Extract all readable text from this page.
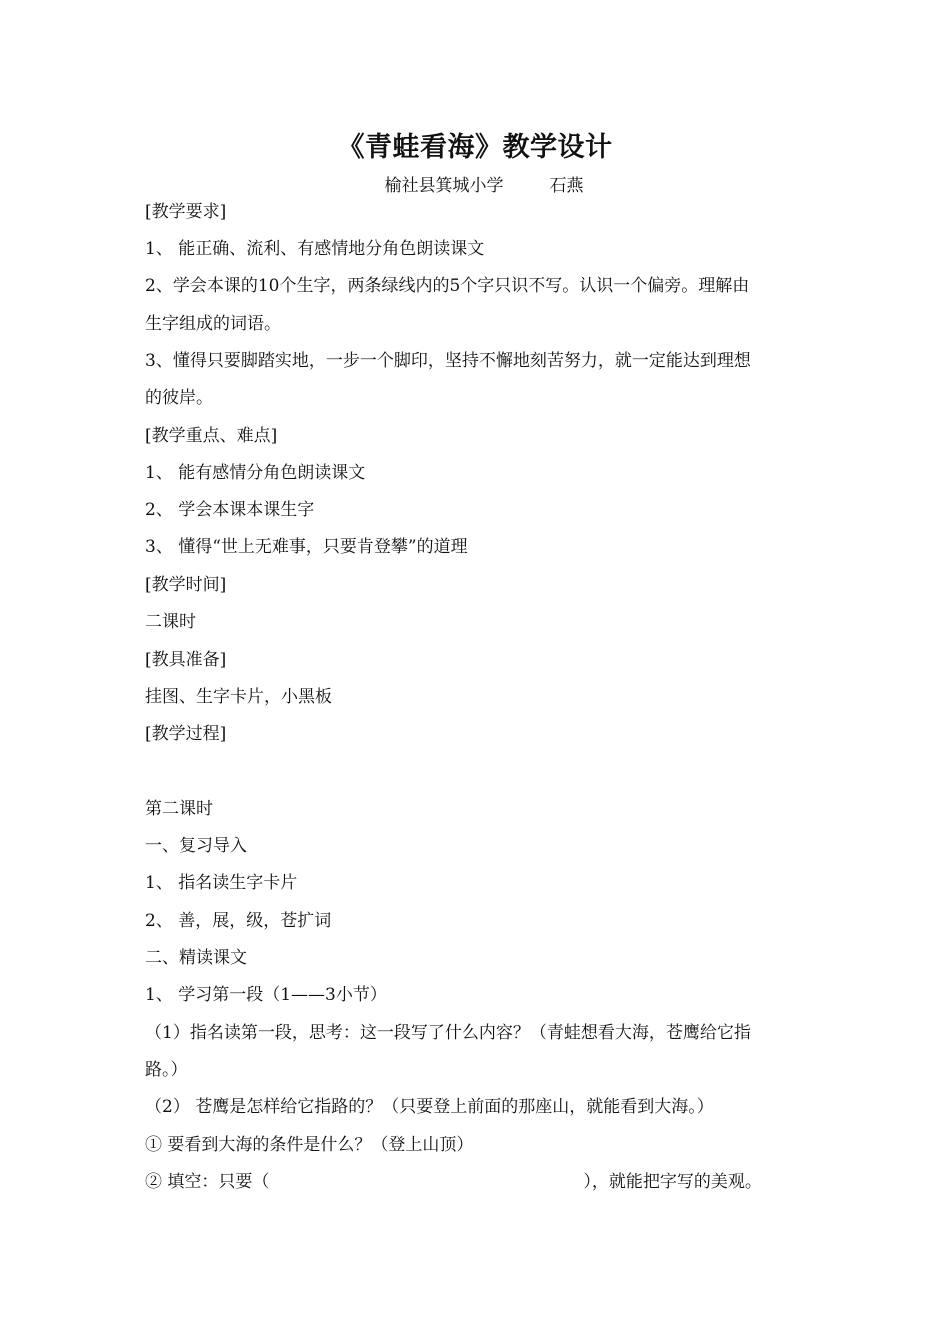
《青蛙看海》教学设计
榆社县箕城小学	石燕
[教学要求]
1、 能正确、流利、有感情地分角色朗读课文
2、学会本课的10个生字，两条绿线内的5个字只识不写。认识一个偏旁。理解由
生字组成的词语。
3、懂得只要脚踏实地，一步一个脚印，坚持不懈地刻苦努力，就一定能达到理想
的彼岸。
[教学重点、难点]
1、 能有感情分角色朗读课文
2、 学会本课本课生字
3、 懂得“世上无难事，只要肯登攀”的道理
[教学时间]
二课时
[教具准备]
挂图、生字卡片，小黑板
[教学过程]
第二课时
一、复习导入
1、 指名读生字卡片
2、 善，展，级，苍扩词
二、精读课文
1、 学习第一段（1——3小节）
（1）指名读第一段，思考：这一段写了什么内容？（青蛙想看大海，苍鹰给它指
路。）
（2） 苍鹰是怎样给它指路的？（只要登上前面的那座山，就能看到大海。）
① 要看到大海的条件是什么？（登上山顶）
② 填空：只要（	），就能把字写的美观。
